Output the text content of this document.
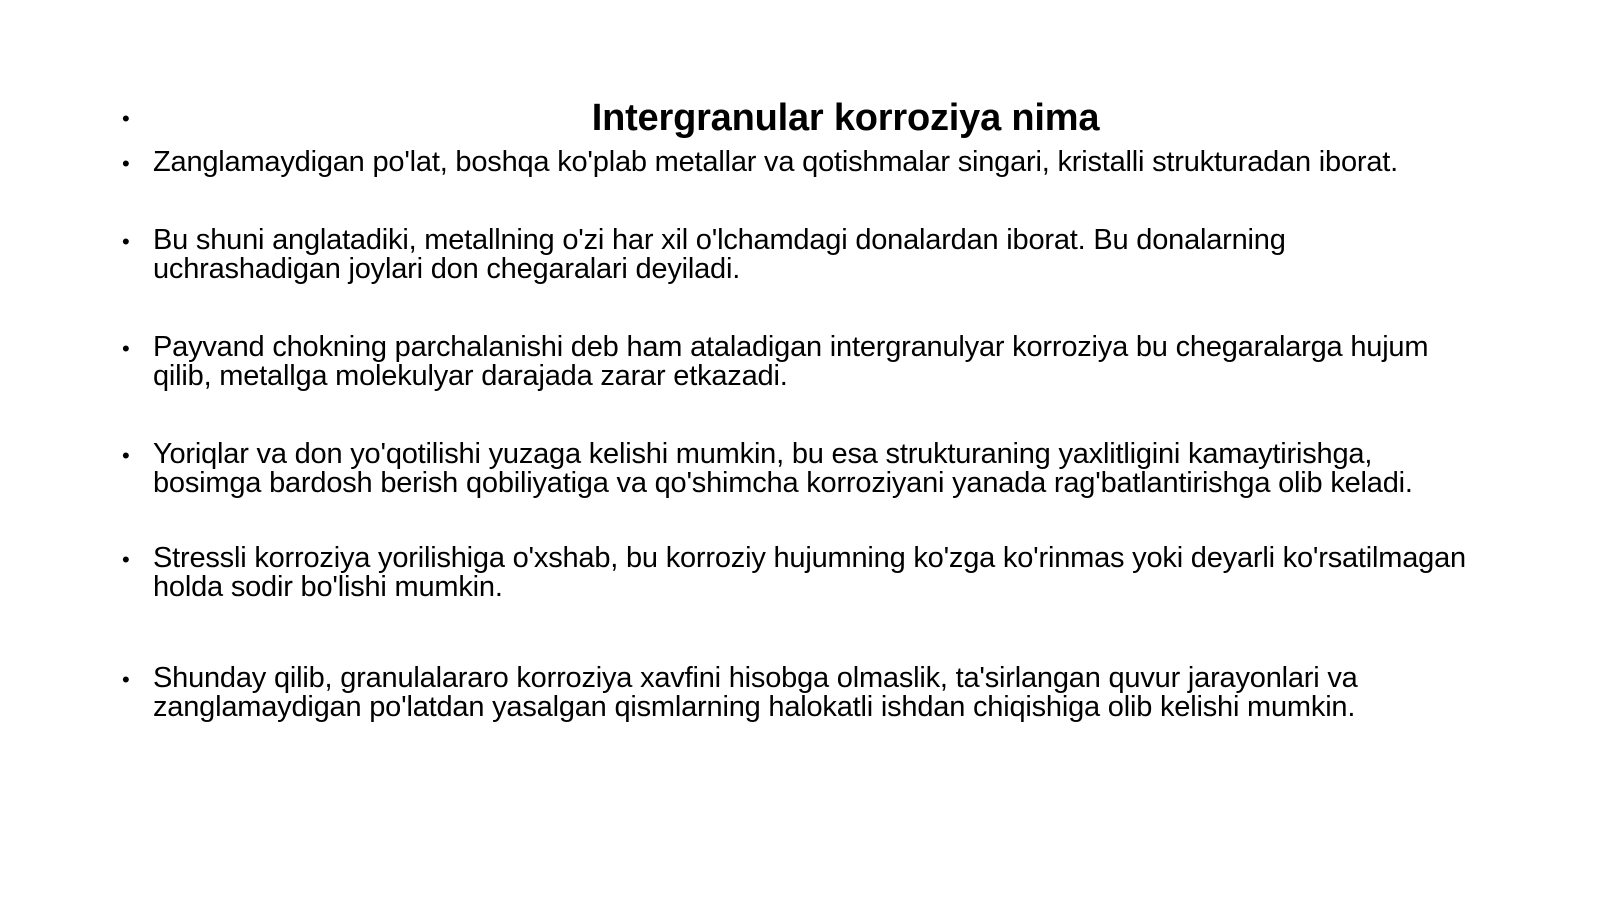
•	Intergranular korroziya nima
• Zanglamaydigan po'lat, boshqa ko'plab metallar va qotishmalar singari, kristalli strukturadan iborat.
• Bu shuni anglatadiki, metallning o'zi har xil o'lchamdagi donalardan iborat. Bu donalarning uchrashadigan joylari don chegaralari deyiladi.
• Payvand chokning parchalanishi deb ham ataladigan intergranulyar korroziya bu chegaralarga hujum qilib, metallga molekulyar darajada zarar etkazadi.
• Yoriqlar va don yo'qotilishi yuzaga kelishi mumkin, bu esa strukturaning yaxlitligini kamaytirishga, bosimga bardosh berish qobiliyatiga va qo'shimcha korroziyani yanada rag'batlantirishga olib keladi.
• Stressli korroziya yorilishiga o'xshab, bu korroziy hujumning ko'zga ko'rinmas yoki deyarli ko'rsatilmagan holda sodir bo'lishi mumkin.
• Shunday qilib, granulalararo korroziya xavfini hisobga olmaslik, ta'sirlangan quvur jarayonlari va zanglamaydigan po'latdan yasalgan qismlarning halokatli ishdan chiqishiga olib kelishi mumkin.
